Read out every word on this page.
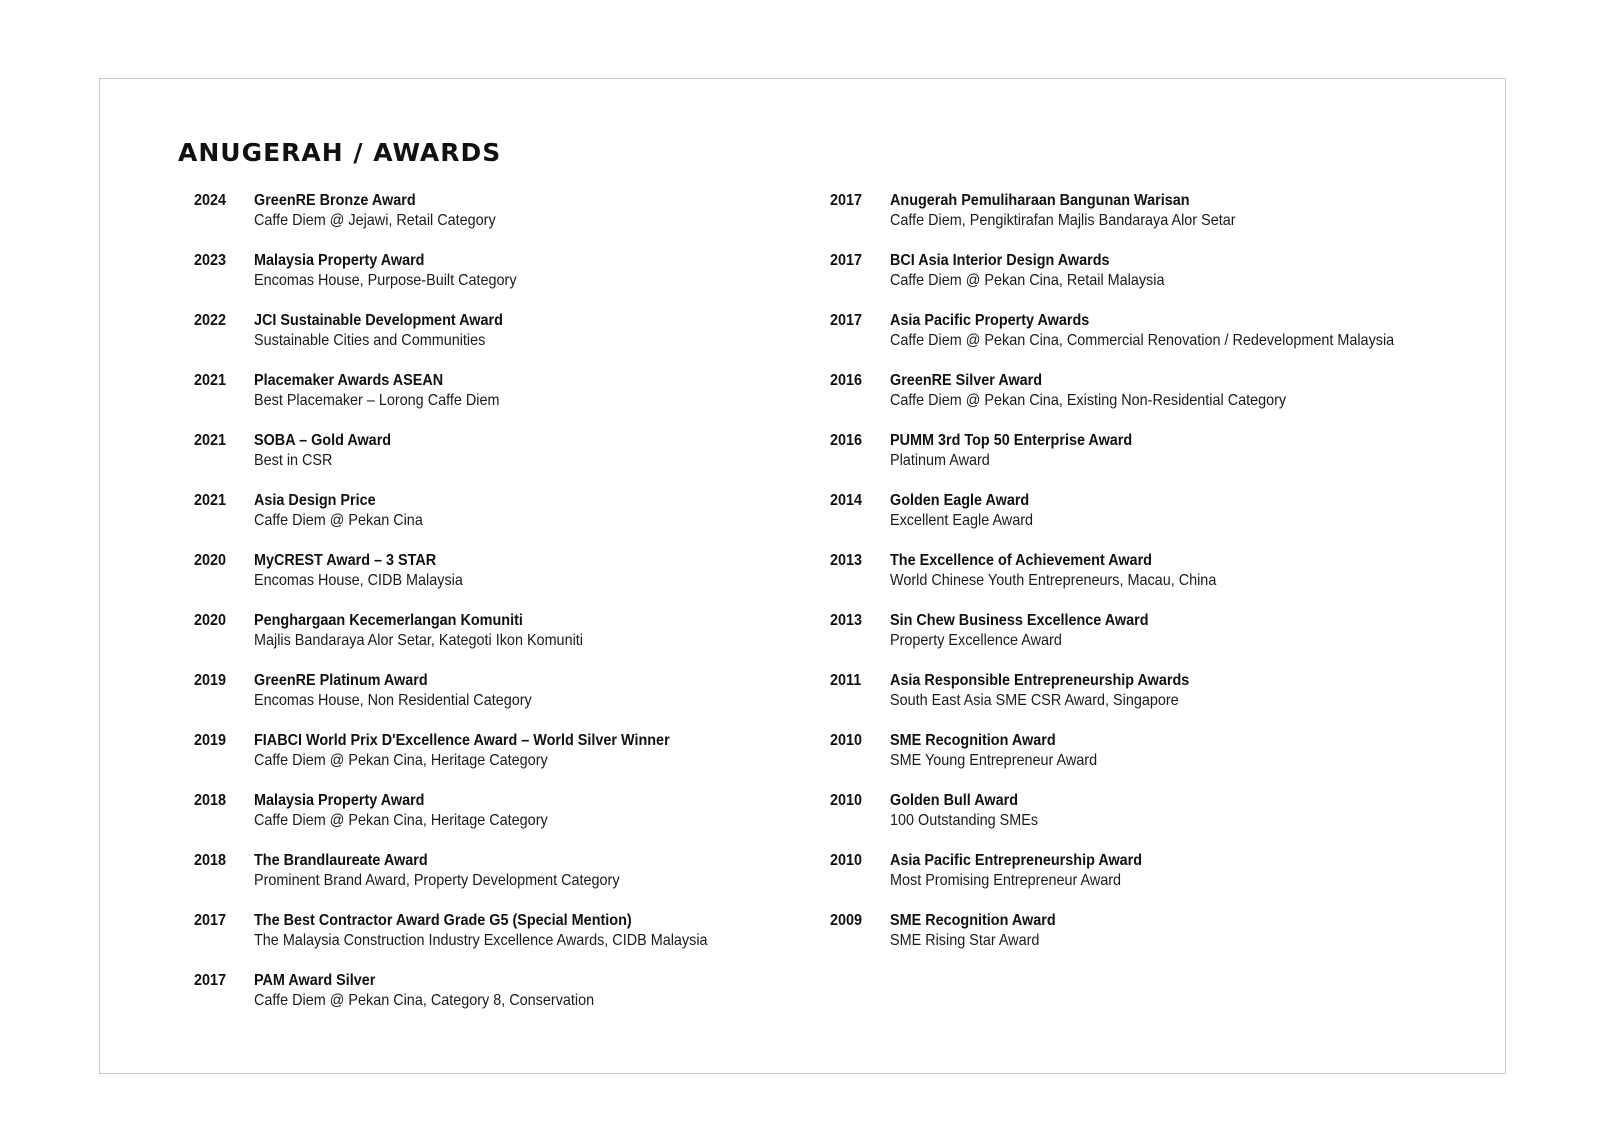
ANUGERAH / AWARDS
2024	GreenRE Bronze Award
Caffe Diem @ Jejawi, Retail Category
2023	Malaysia Property Award
Encomas House, Purpose-Built Category
2022	JCI Sustainable Development Award
Sustainable Cities and Communities
2021	Placemaker Awards ASEAN
Best Placemaker – Lorong Caffe Diem
2021	SOBA – Gold Award
Best in CSR
2021	Asia Design Price
Caffe Diem @ Pekan Cina
2020	MyCREST Award – 3 STAR
Encomas House, CIDB Malaysia
2020	Penghargaan Kecemerlangan Komuniti
Majlis Bandaraya Alor Setar, Kategoti Ikon Komuniti
2019	GreenRE Platinum Award
Encomas House, Non Residential Category
2019	FIABCI World Prix D'Excellence Award – World Silver Winner
Caffe Diem @ Pekan Cina, Heritage Category
2018	Malaysia Property Award
Caffe Diem @ Pekan Cina, Heritage Category
2018	The Brandlaureate Award
Prominent Brand Award, Property Development Category
2017	The Best Contractor Award Grade G5 (Special Mention)
The Malaysia Construction Industry Excellence Awards, CIDB Malaysia
2017	PAM Award Silver
Caffe Diem @ Pekan Cina, Category 8, Conservation
2017	Anugerah Pemuliharaan Bangunan Warisan
Caffe Diem, Pengiktirafan Majlis Bandaraya Alor Setar
2017	BCI Asia Interior Design Awards
Caffe Diem @ Pekan Cina, Retail Malaysia
2017	Asia Pacific Property Awards
Caffe Diem @ Pekan Cina, Commercial Renovation / Redevelopment Malaysia
2016	GreenRE Silver Award
Caffe Diem @ Pekan Cina, Existing Non-Residential Category
2016	PUMM 3rd Top 50 Enterprise Award
Platinum Award
2014	Golden Eagle Award
Excellent Eagle Award
2013	The Excellence of Achievement Award
World Chinese Youth Entrepreneurs, Macau, China
2013	Sin Chew Business Excellence Award
Property Excellence Award
2011	Asia Responsible Entrepreneurship Awards
South East Asia SME CSR Award, Singapore
2010	SME Recognition Award
SME Young Entrepreneur Award
2010	Golden Bull Award
100 Outstanding SMEs
2010	Asia Pacific Entrepreneurship Award
Most Promising Entrepreneur Award
2009	SME Recognition Award
SME Rising Star Award
